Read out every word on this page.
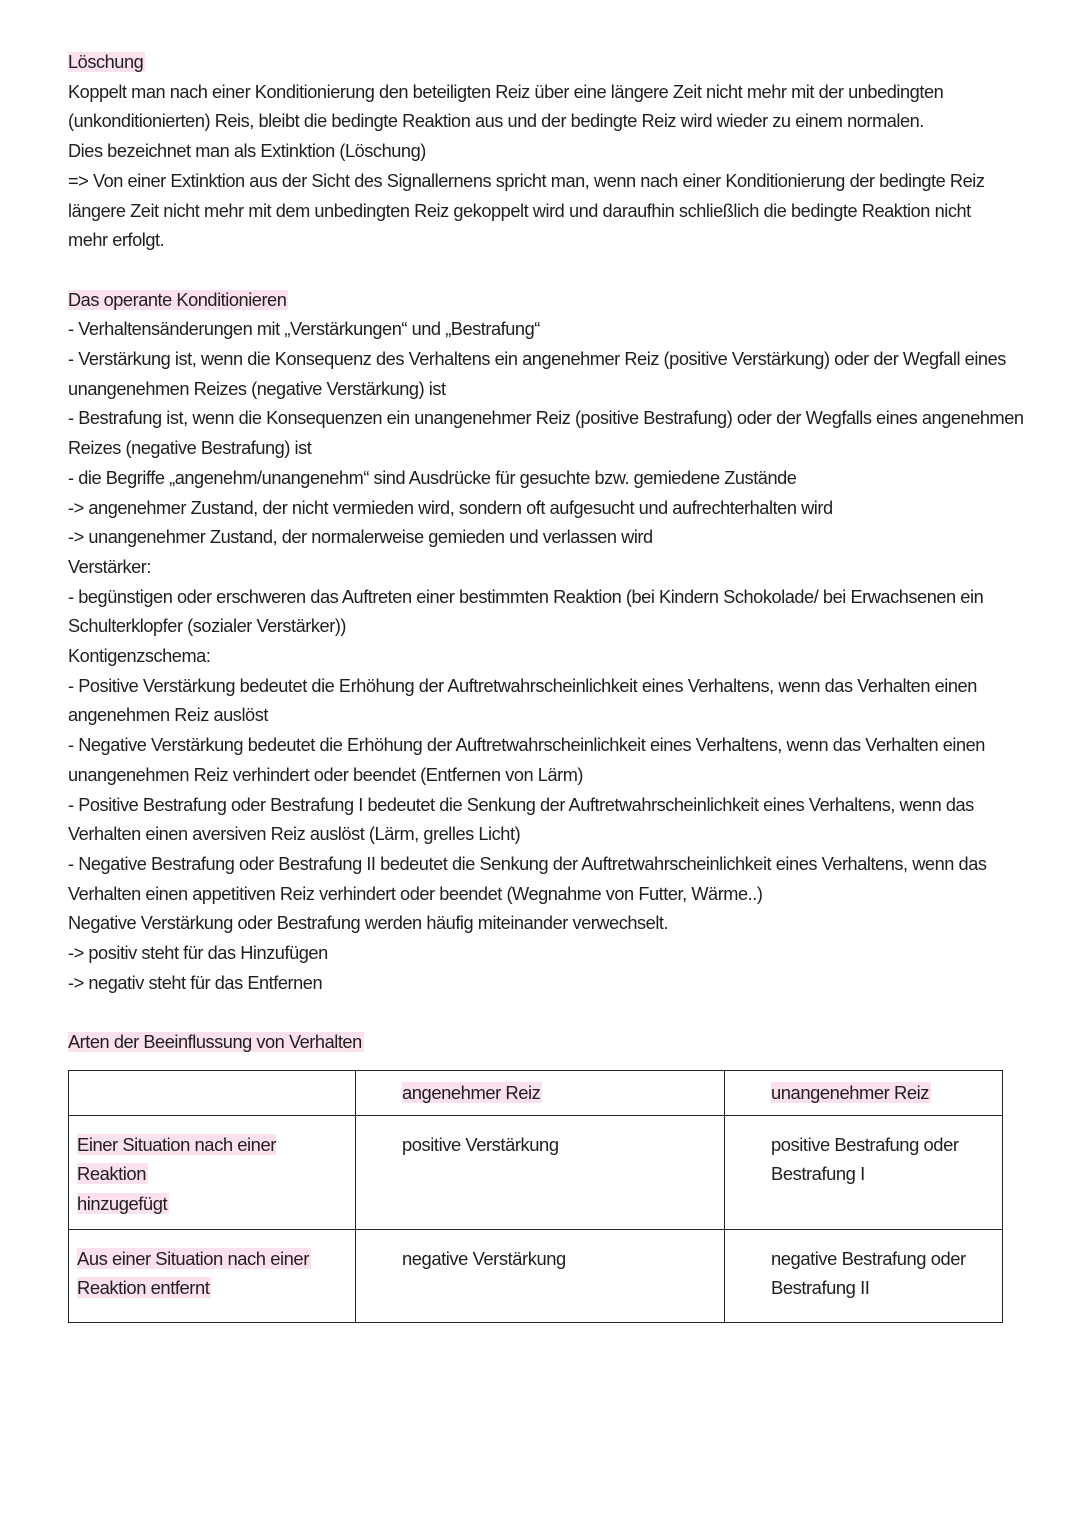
Löschung

Koppelt man nach einer Konditionierung den beteiligten Reiz über eine längere Zeit nicht mehr mit der unbedingten

(unkonditionierten) Reis, bleibt die bedingte Reaktion aus und der bedingte Reiz wird wieder zu einem normalen.

Dies bezeichnet man als Extinktion (Löschung)

=> Von einer Extinktion aus der Sicht des Signallernens spricht man, wenn nach einer Konditionierung der bedingte Reiz

längere Zeit nicht mehr mit dem unbedingten Reiz gekoppelt wird und daraufhin schließlich die bedingte Reaktion nicht

mehr erfolgt.

Das operante Konditionieren

- Verhaltensänderungen mit „Verstärkungen“ und „Bestrafung“

- Verstärkung ist, wenn die Konsequenz des Verhaltens ein angenehmer Reiz (positive Verstärkung) oder der Wegfall eines

unangenehmen Reizes (negative Verstärkung) ist

- Bestrafung ist, wenn die Konsequenzen ein unangenehmer Reiz (positive Bestrafung) oder der Wegfalls eines angenehmen

Reizes (negative Bestrafung) ist

- die Begriffe „angenehm/unangenehm“ sind Ausdrücke für gesuchte bzw. gemiedene Zustände

-> angenehmer Zustand, der nicht vermieden wird, sondern oft aufgesucht und aufrechterhalten wird

-> unangenehmer Zustand, der normalerweise gemieden und verlassen wird

Verstärker:

- begünstigen oder erschweren das Auftreten einer bestimmten Reaktion (bei Kindern Schokolade/ bei Erwachsenen ein

Schulterklopfer (sozialer Verstärker))

Kontigenzschema:

- Positive Verstärkung bedeutet die Erhöhung der Auftretwahrscheinlichkeit eines Verhaltens, wenn das Verhalten einen

angenehmen Reiz auslöst

- Negative Verstärkung bedeutet die Erhöhung der Auftretwahrscheinlichkeit eines Verhaltens, wenn das Verhalten einen

unangenehmen Reiz verhindert oder beendet (Entfernen von Lärm)

- Positive Bestrafung oder Bestrafung I bedeutet die Senkung der Auftretwahrscheinlichkeit eines Verhaltens, wenn das

Verhalten einen aversiven Reiz auslöst (Lärm, grelles Licht)

- Negative Bestrafung oder Bestrafung II bedeutet die Senkung der Auftretwahrscheinlichkeit eines Verhaltens, wenn das

Verhalten einen appetitiven Reiz verhindert oder beendet (Wegnahme von Futter, Wärme..)

Negative Verstärkung oder Bestrafung werden häufig miteinander verwechselt.

-> positiv steht für das Hinzufügen

-> negativ steht für das Entfernen

Arten der Beeinflussung von Verhalten

	angenehmer Reiz	unangenehmer Reiz
Einer Situation nach einer Reaktion
hinzugefügt	positive Verstärkung	positive Bestrafung oder
Bestrafung I
Aus einer Situation nach einer
Reaktion entfernt	negative Verstärkung	negative Bestrafung oder
Bestrafung II
